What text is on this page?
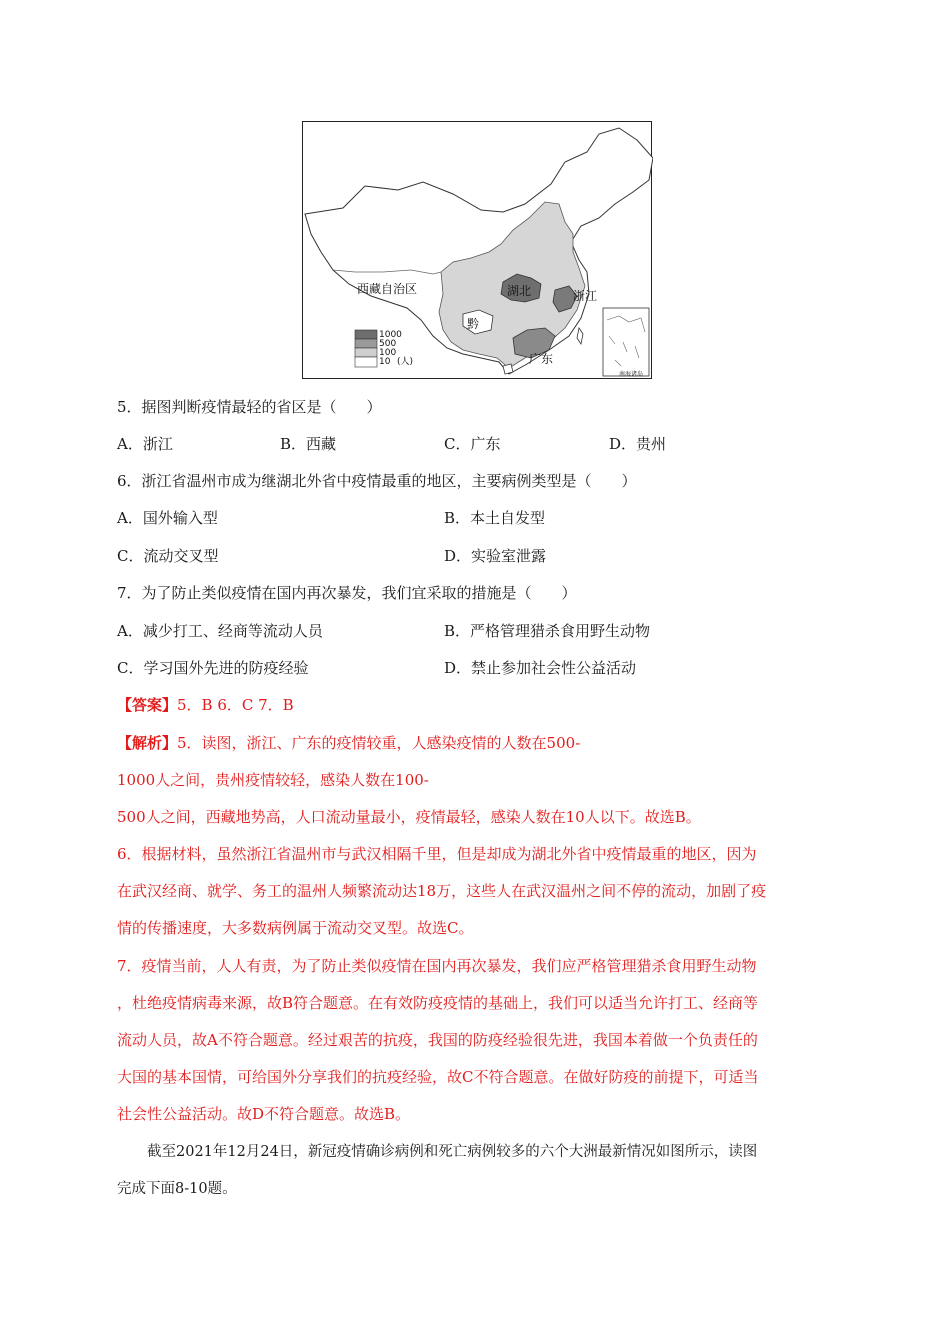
西藏自治区	湖北	浙江
黔
广东
南海诸岛
1000
500
100
10 (人)
5．据图判断疫情最轻的省区是（　　）
A．浙江	B．西藏	C．广东	D．贵州
6．浙江省温州市成为继湖北外省中疫情最重的地区，主要病例类型是（　　）
A．国外输入型	B．本土自发型
C．流动交叉型	D．实验室泄露
7．为了防止类似疫情在国内再次暴发，我们宜采取的措施是（　　）
A．减少打工、经商等流动人员	B．严格管理猎杀食用野生动物
C．学习国外先进的防疫经验	D．禁止参加社会性公益活动
【答案】5．B 6．C 7．B
【解析】5．读图，浙江、广东的疫情较重，人感染疫情的人数在500-
1000人之间，贵州疫情较轻，感染人数在100-
500人之间，西藏地势高，人口流动量最小，疫情最轻，感染人数在10人以下。故选B。
6．根据材料，虽然浙江省温州市与武汉相隔千里，但是却成为湖北外省中疫情最重的地区，因为
在武汉经商、就学、务工的温州人频繁流动达18万，这些人在武汉温州之间不停的流动，加剧了疫
情的传播速度，大多数病例属于流动交叉型。故选C。
7．疫情当前，人人有责，为了防止类似疫情在国内再次暴发，我们应严格管理猎杀食用野生动物
，杜绝疫情病毒来源，故B符合题意。在有效防疫疫情的基础上，我们可以适当允许打工、经商等
流动人员，故A不符合题意。经过艰苦的抗疫，我国的防疫经验很先进，我国本着做一个负责任的
大国的基本国情，可给国外分享我们的抗疫经验，故C不符合题意。在做好防疫的前提下，可适当
社会性公益活动。故D不符合题意。故选B。
截至2021年12月24日，新冠疫情确诊病例和死亡病例较多的六个大洲最新情况如图所示，读图
完成下面8-10题。
